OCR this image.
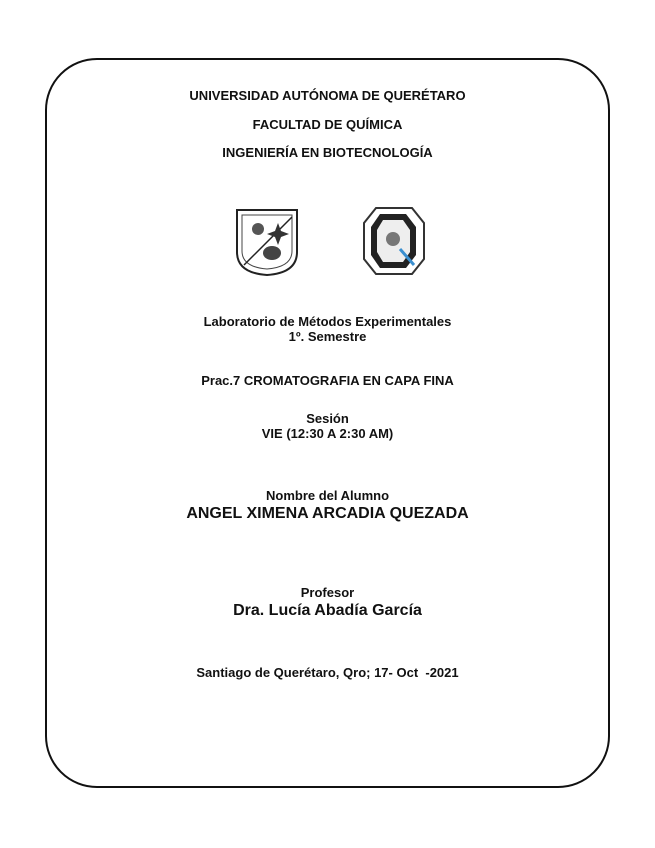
UNIVERSIDAD AUTÓNOMA DE QUERÉTARO
FACULTAD DE QUÍMICA
INGENIERÍA EN BIOTECNOLOGÍA
Laboratorio de Métodos Experimentales
1º. Semestre
Prac.7 CROMATOGRAFIA EN CAPA FINA
Sesión
VIE (12:30 A 2:30 AM)
Nombre del Alumno
ANGEL XIMENA ARCADIA QUEZADA
Profesor
Dra. Lucía Abadía García
Santiago de Querétaro, Qro; 17- Oct  -2021
